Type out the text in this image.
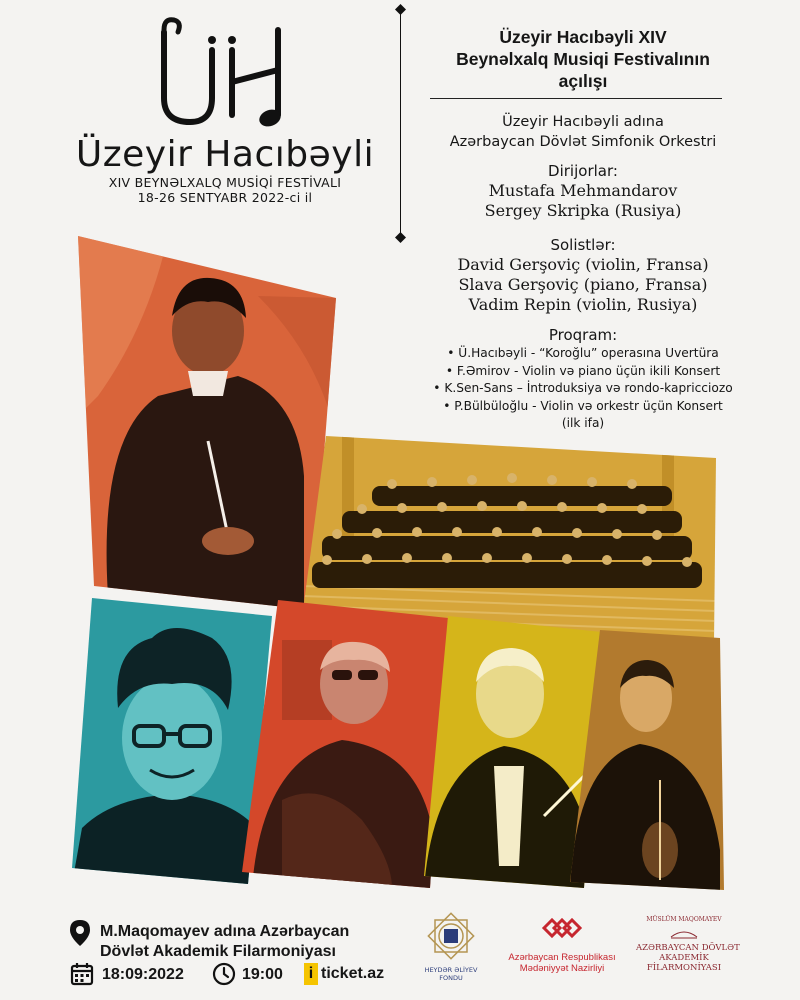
Üzeyir Hacıbəyli
XIV BEYNƏLXALQ MUSİQİ FESTİVALI
18-26 SENTYABR 2022-ci il
Üzeyir Hacıbəyli XIV
Beynəlxalq Musiqi Festivalının
açılışı
Üzeyir Hacıbəyli adına
Azərbaycan Dövlət Simfonik Orkestri
Dirijorlar:
Mustafa Mehmandarov
Sergey Skripka (Rusiya)
Solistlər:
David Gerşoviç (violin, Fransa)
Slava Gerşoviç (piano, Fransa)
Vadim Repin (violin, Rusiya)
Proqram:
• Ü.Hacıbəyli - “Koroğlu” operasına Uvertüra
• F.Əmirov - Violin və piano üçün ikili Konsert
• K.Sen-Sans – İntroduksiya və rondo-kapricciozo
• P.Bülbüloğlu - Violin və orkestr üçün Konsert
(ilk ifa)
M.Maqomayev adına Azərbaycan
Dövlət Akademik Filarmoniyası
18:09:2022	19:00 i ticket.az	HEYDƏR ƏLİYEV
FONDU
Azərbaycan Respublikası
Mədəniyyət Nazirliyi
MÜSLÜM MAQOMAYEV
AZƏRBAYCAN DÖVLƏT
AKADEMİK
FİLARMONİYASI
